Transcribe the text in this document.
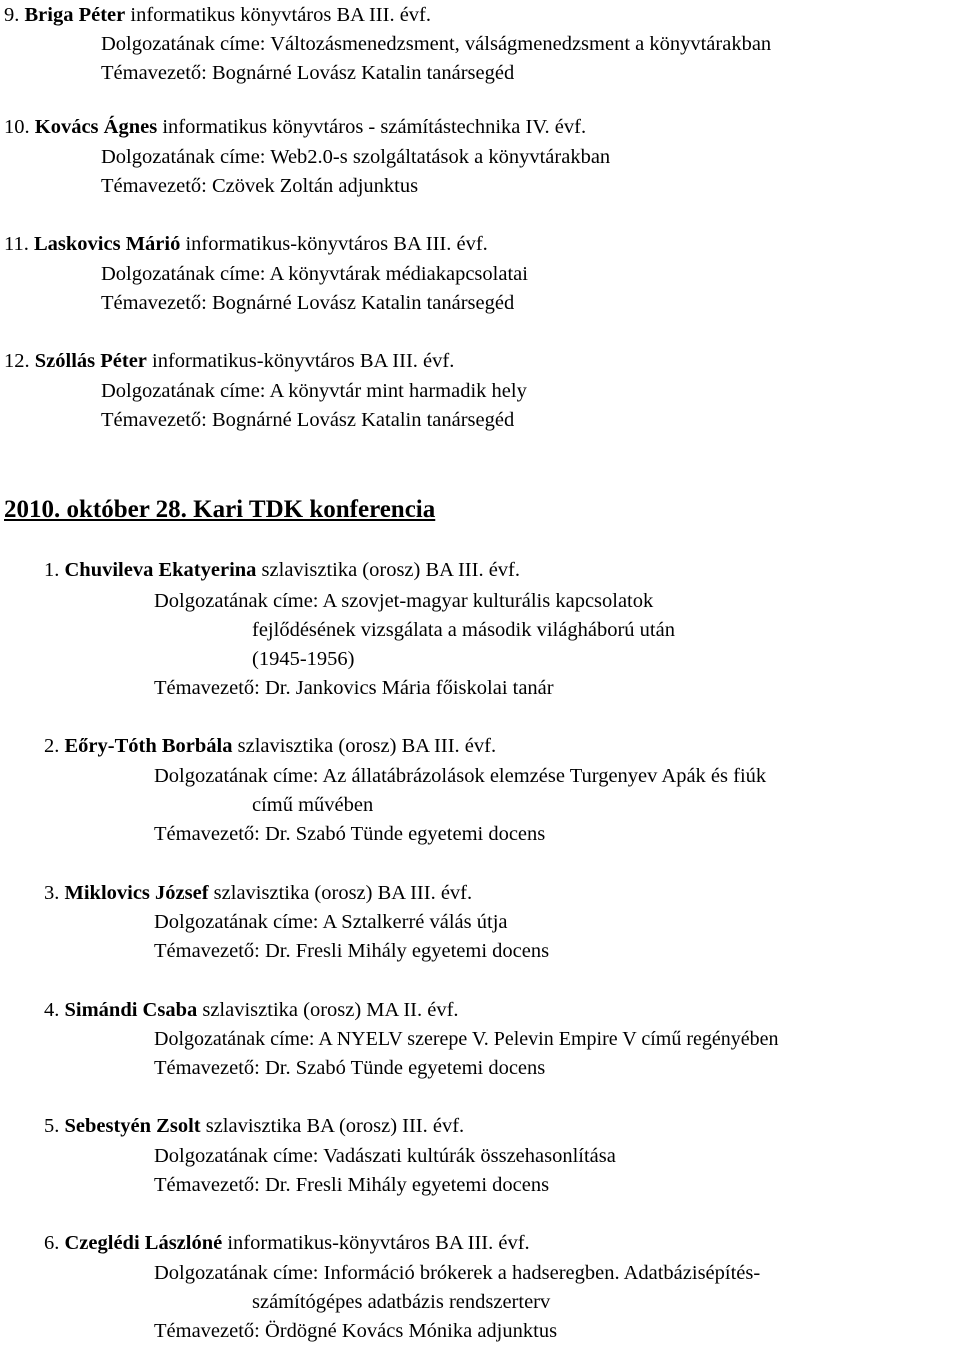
9. Briga Péter informatikus könyvtáros BA III. évf.
Dolgozatának címe: Változásmenedzsment, válságmenedzsment a könyvtárakban
Témavezető: Bognárné Lovász Katalin tanársegéd
10. Kovács Ágnes informatikus könyvtáros - számítástechnika IV. évf.
Dolgozatának címe: Web2.0-s szolgáltatások a könyvtárakban
Témavezető: Czövek Zoltán adjunktus
11. Laskovics Márió informatikus-könyvtáros BA III. évf.
Dolgozatának címe: A könyvtárak médiakapcsolatai
Témavezető: Bognárné Lovász Katalin tanársegéd
12. Szóllás Péter informatikus-könyvtáros BA III. évf.
Dolgozatának címe: A könyvtár mint harmadik hely
Témavezető: Bognárné Lovász Katalin tanársegéd
2010. október 28. Kari TDK konferencia
1. Chuvileva Ekatyerina szlavisztika (orosz) BA III. évf.
Dolgozatának címe: A szovjet-magyar kulturális kapcsolatok
fejlődésének vizsgálata a második világháború után
(1945-1956)
Témavezető: Dr. Jankovics Mária főiskolai tanár
2. Eőry-Tóth Borbála szlavisztika (orosz) BA III. évf.
Dolgozatának címe: Az állatábrázolások elemzése Turgenyev Apák és fiúk
című művében
Témavezető: Dr. Szabó Tünde egyetemi docens
3. Miklovics József szlavisztika (orosz) BA III. évf.
Dolgozatának címe: A Sztalkerré válás útja
Témavezető: Dr. Fresli Mihály egyetemi docens
4. Simándi Csaba szlavisztika (orosz) MA II. évf.
Dolgozatának címe: A NYELV szerepe V. Pelevin Empire V című regényében
Témavezető: Dr. Szabó Tünde egyetemi docens
5. Sebestyén Zsolt szlavisztika BA (orosz) III. évf.
Dolgozatának címe: Vadászati kultúrák összehasonlítása
Témavezető: Dr. Fresli Mihály egyetemi docens
6. Czeglédi Lászlóné informatikus-könyvtáros BA III. évf.
Dolgozatának címe: Információ brókerek a hadseregben. Adatbázisépítés-
számítógépes adatbázis rendszerterv
Témavezető: Ördögné Kovács Mónika adjunktus
